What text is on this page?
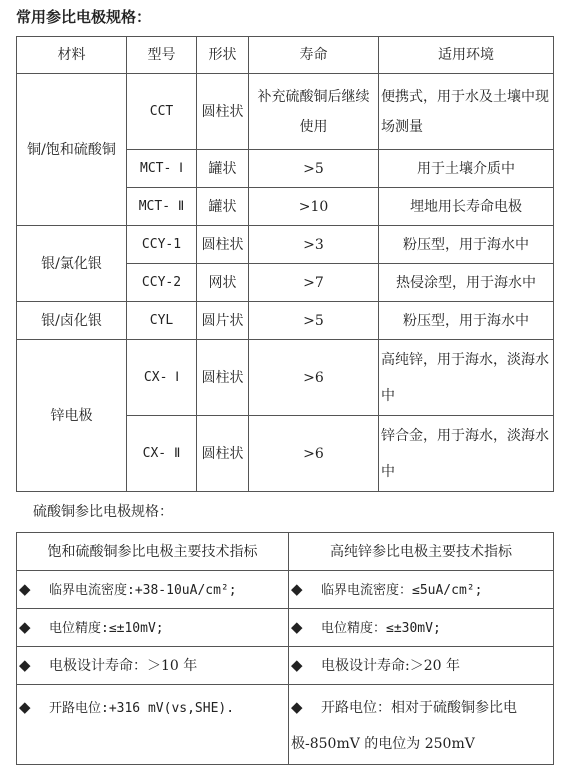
常用参比电极规格：
材料	型号	形状	寿命	适用环境
铜/饱和硫酸铜	CCT	圆柱状	补充硫酸铜后继续使用	便携式，用于水及土壤中现场测量
	MCT- Ⅰ	罐状	>5	用于土壤介质中
	MCT- Ⅱ	罐状	>10	埋地用长寿命电极
银/氯化银	CCY-1	圆柱状	>3	粉压型，用于海水中
	CCY-2	网状	>7	热侵涂型，用于海水中
银/卤化银	CYL	圆片状	>5	粉压型，用于海水中
锌电极	CX- Ⅰ	圆柱状	>6	高纯锌，用于海水，淡海水中
	CX- Ⅱ	圆柱状	>6	锌合金，用于海水，淡海水中
硫酸铜参比电极规格：
饱和硫酸铜参比电极主要技术指标	高纯锌参比电极主要技术指标
◆ 临界电流密度:+38-10uA/cm²;	◆ 临界电流密度：≤5uA/cm²;
◆ 电位精度:≤±10mV;	◆ 电位精度：≤±30mV;
◆ 电极设计寿命：＞10 年	◆ 电极设计寿命:＞20 年
◆ 开路电位:+316 mV(vs,SHE).	◆ 开路电位：相对于硫酸铜参比电极-850mV 的电位为 250mV
